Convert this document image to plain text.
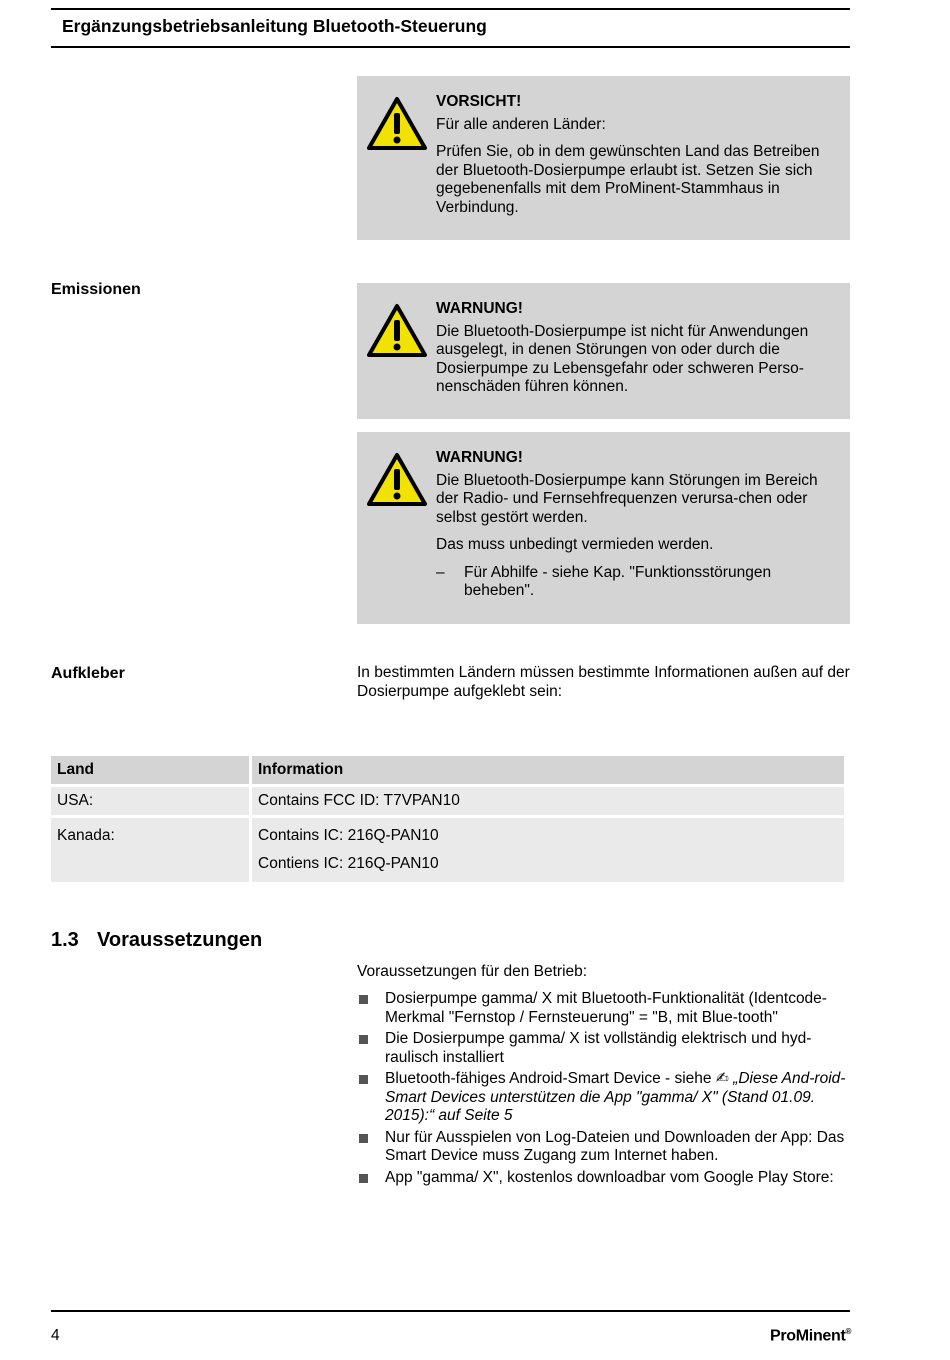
Ergänzungsbetriebsanleitung Bluetooth-Steuerung
VORSICHT!

Für alle anderen Länder:

Prüfen Sie, ob in dem gewünschten Land das Betreiben der Bluetooth-Dosierpumpe erlaubt ist. Setzen Sie sich gegebenenfalls mit dem ProMinent-Stammhaus in Verbindung.

Emissionen
WARNUNG!

Die Bluetooth-Dosierpumpe ist nicht für Anwendungen ausgelegt, in denen Störungen von oder durch die Dosierpumpe zu Lebensgefahr oder schweren Perso-nenschäden führen können.

WARNUNG!

Die Bluetooth-Dosierpumpe kann Störungen im Bereich der Radio- und Fernsehfrequenzen verursa-chen oder selbst gestört werden.

Das muss unbedingt vermieden werden.

– Für Abhilfe - siehe Kap. "Funktionsstörungen beheben".
Aufkleber	In bestimmten Ländern müssen bestimmte Informationen außen auf der Dosierpumpe aufgeklebt sein:
Land	Information
USA:	Contains FCC ID: T7VPAN10

Kanada:	Contains IC: 216Q-PAN10
Contiens IC: 216Q-PAN10
1.3 Voraussetzungen
Voraussetzungen für den Betrieb:
Dosierpumpe gamma/ X mit Bluetooth-Funktionalität (Identcode-Merkmal "Fernstop / Fernsteuerung" = "B, mit Blue-tooth"
Die Dosierpumpe gamma/ X ist vollständig elektrisch und hyd-raulisch installiert
Bluetooth-fähiges Android-Smart Device - siehe ✍ „Diese And-roid-Smart Devices unterstützen die App "gamma/ X" (Stand 01.09. 2015):“ auf Seite 5
Nur für Ausspielen von Log-Dateien und Downloaden der App: Das Smart Device muss Zugang zum Internet haben.
App "gamma/ X", kostenlos downloadbar vom Google Play Store:
4	ProMinent®
